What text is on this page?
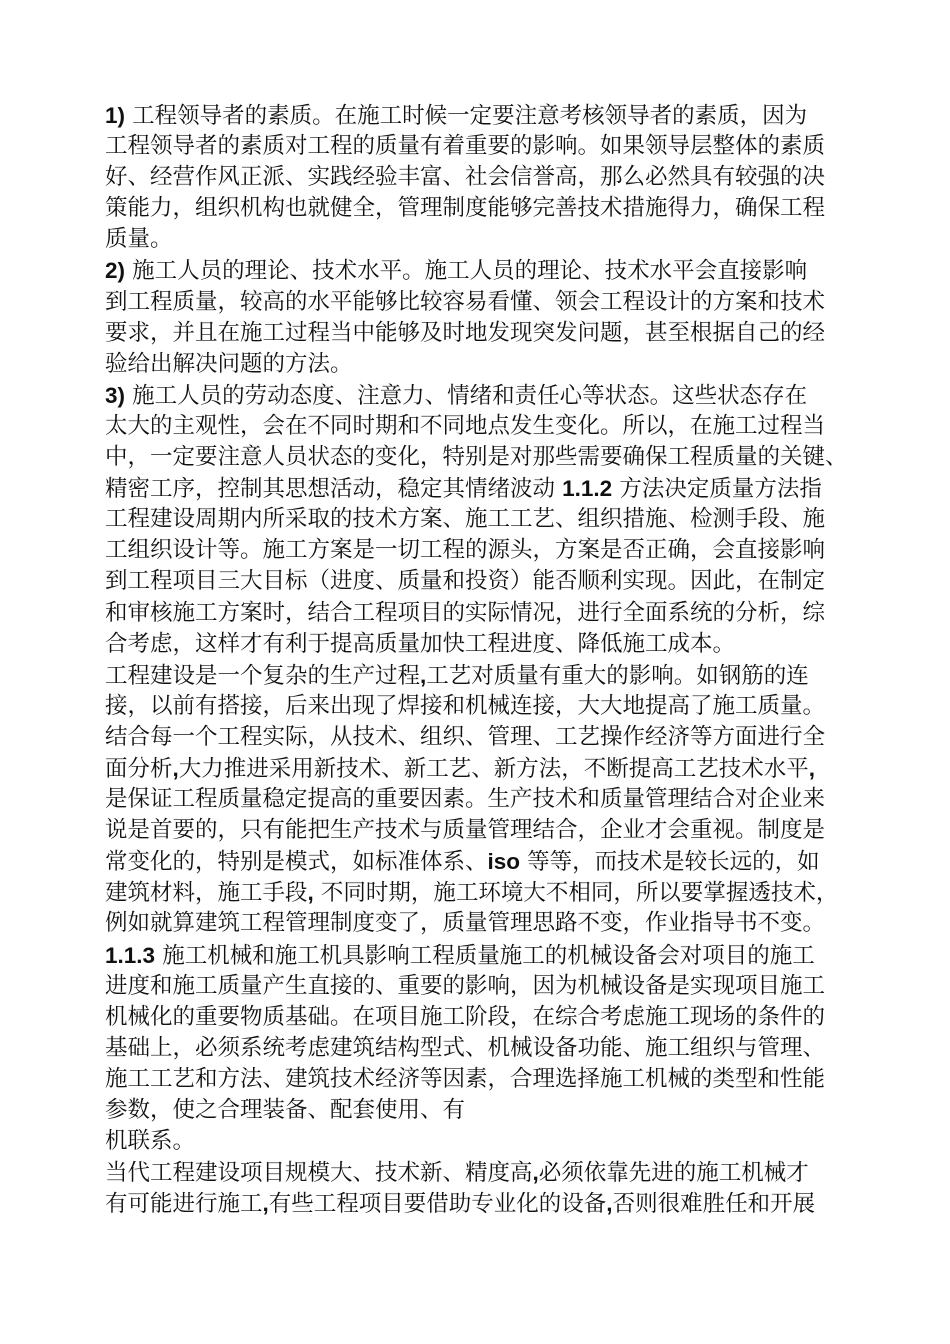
1) 工程领导者的素质。在施工时候一定要注意考核领导者的素质，因为
工程领导者的素质对工程的质量有着重要的影响。如果领导层整体的素质
好、经营作风正派、实践经验丰富、社会信誉高，那么必然具有较强的决
策能力，组织机构也就健全，管理制度能够完善技术措施得力，确保工程
质量。
2) 施工人员的理论、技术水平。施工人员的理论、技术水平会直接影响
到工程质量，较高的水平能够比较容易看懂、领会工程设计的方案和技术
要求，并且在施工过程当中能够及时地发现突发问题，甚至根据自己的经
验给出解决问题的方法。
3) 施工人员的劳动态度、注意力、情绪和责任心等状态。这些状态存在
太大的主观性，会在不同时期和不同地点发生变化。所以，在施工过程当
中，一定要注意人员状态的变化，特别是对那些需要确保工程质量的关键、
精密工序，控制其思想活动，稳定其情绪波动 1.1.2 方法决定质量方法指
工程建设周期内所采取的技术方案、施工工艺、组织措施、检测手段、施
工组织设计等。施工方案是一切工程的源头，方案是否正确，会直接影响
到工程项目三大目标（进度、质量和投资）能否顺利实现。因此，在制定
和审核施工方案时，结合工程项目的实际情况，进行全面系统的分析，综
合考虑，这样才有利于提高质量加快工程进度、降低施工成本。
工程建设是一个复杂的生产过程,工艺对质量有重大的影响。如钢筋的连
接，以前有搭接，后来出现了焊接和机械连接，大大地提高了施工质量。
结合每一个工程实际，从技术、组织、管理、工艺操作经济等方面进行全
面分析,大力推进采用新技术、新工艺、新方法，不断提高工艺技术水平,
是保证工程质量稳定提高的重要因素。生产技术和质量管理结合对企业来
说是首要的，只有能把生产技术与质量管理结合，企业才会重视。制度是
常变化的，特别是模式，如标准体系、iso 等等，而技术是较长远的，如
建筑材料，施工手段, 不同时期，施工环境大不相同，所以要掌握透技术，
例如就算建筑工程管理制度变了，质量管理思路不变，作业指导书不变。
1.1.3 施工机械和施工机具影响工程质量施工的机械设备会对项目的施工
进度和施工质量产生直接的、重要的影响，因为机械设备是实现项目施工
机械化的重要物质基础。在项目施工阶段，在综合考虑施工现场的条件的
基础上，必须系统考虑建筑结构型式、机械设备功能、施工组织与管理、
施工工艺和方法、建筑技术经济等因素，合理选择施工机械的类型和性能
参数，使之合理装备、配套使用、有
机联系。
当代工程建设项目规模大、技术新、精度高,必须依靠先进的施工机械才
有可能进行施工,有些工程项目要借助专业化的设备,否则很难胜任和开展
